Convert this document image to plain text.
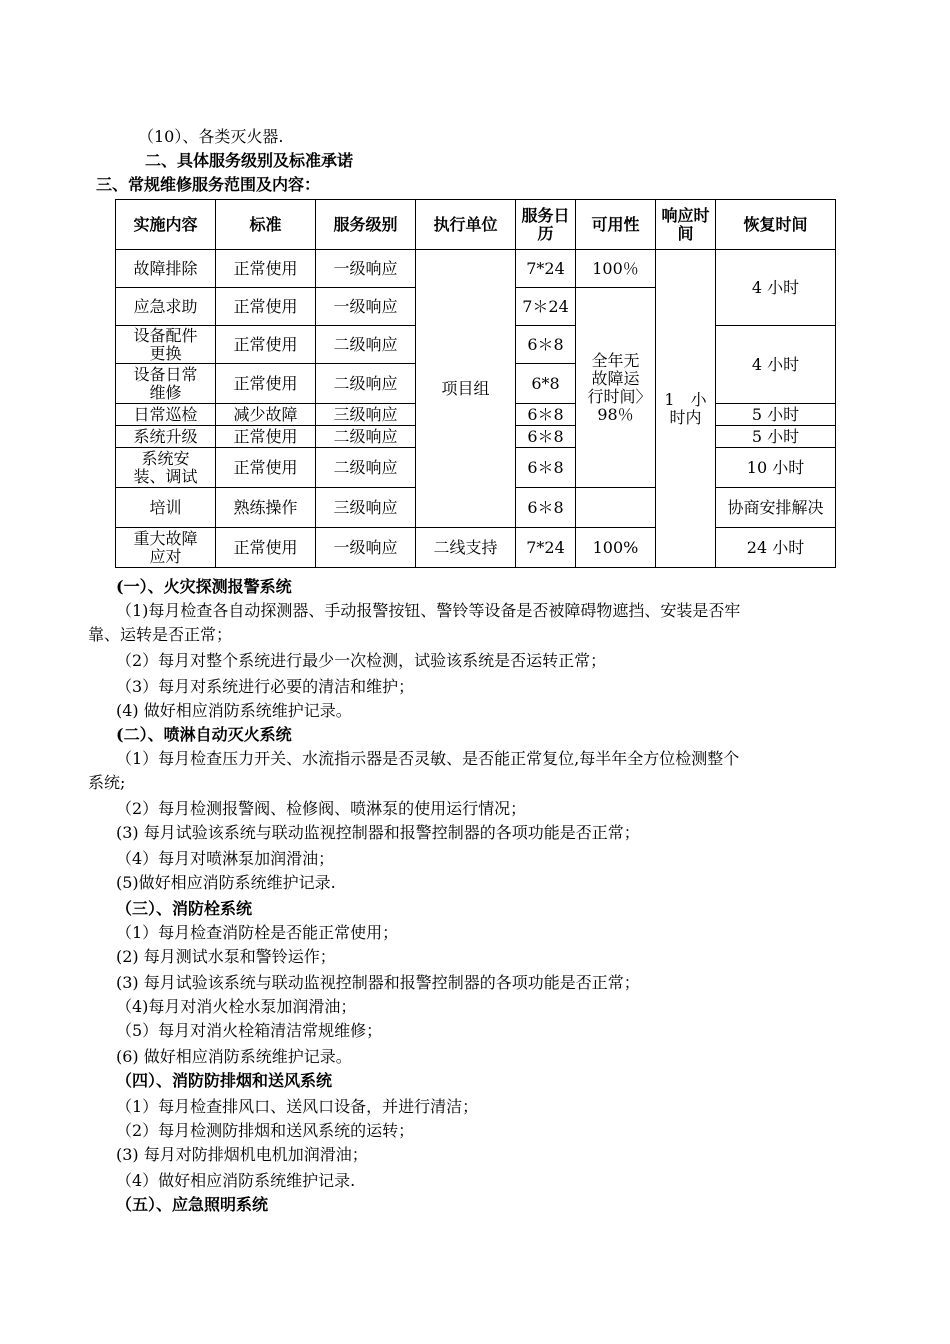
（10）、各类灭火器.
二、具体服务级别及标准承诺
三、常规维修服务范围及内容：
实施内容	标准	服务级别	执行单位	服务日历	可用性	响应时间	恢复时间
故障排除	正常使用	一级响应	项目组	7*24	100％	1　小时内	4 小时
应急求助	正常使用	一级响应		7＊24	全年无故障运行时间〉98％		
设备配件更换	正常使用	二级响应		6＊8			4 小时
设备日常维修	正常使用	二级响应		6*8			
日常巡检	减少故障	三级响应		6＊8			5 小时
系统升级	正常使用	二级响应		6＊8			5 小时
系统安装、调试	正常使用	二级响应		6＊8			10 小时
培训	熟练操作	三级响应		6＊8			协商安排解决
重大故障应对	正常使用	一级响应	二线支持	7*24	100%		24 小时
(一）、火灾探测报警系统
（1)每月检查各自动探测器、手动报警按钮、警铃等设备是否被障碍物遮挡、安装是否牢
靠、运转是否正常；
（2）每月对整个系统进行最少一次检测，试验该系统是否运转正常；
（3）每月对系统进行必要的清洁和维护；
(4) 做好相应消防系统维护记录。
(二）、喷淋自动灭火系统
（1）每月检查压力开关、水流指示器是否灵敏、是否能正常复位,每半年全方位检测整个
系统;
（2）每月检测报警阀、检修阀、喷淋泵的使用运行情况；
(3) 每月试验该系统与联动监视控制器和报警控制器的各项功能是否正常；
（4）每月对喷淋泵加润滑油；
(5)做好相应消防系统维护记录.
（三）、消防栓系统
（1）每月检查消防栓是否能正常使用；
(2) 每月测试水泵和警铃运作；
(3) 每月试验该系统与联动监视控制器和报警控制器的各项功能是否正常；
（4)每月对消火栓水泵加润滑油；
（5）每月对消火栓箱清洁常规维修；
(6) 做好相应消防系统维护记录。
（四）、消防防排烟和送风系统
（1）每月检查排风口、送风口设备，并进行清洁；
（2）每月检测防排烟和送风系统的运转；
(3) 每月对防排烟机电机加润滑油；
（4）做好相应消防系统维护记录.
（五）、应急照明系统
